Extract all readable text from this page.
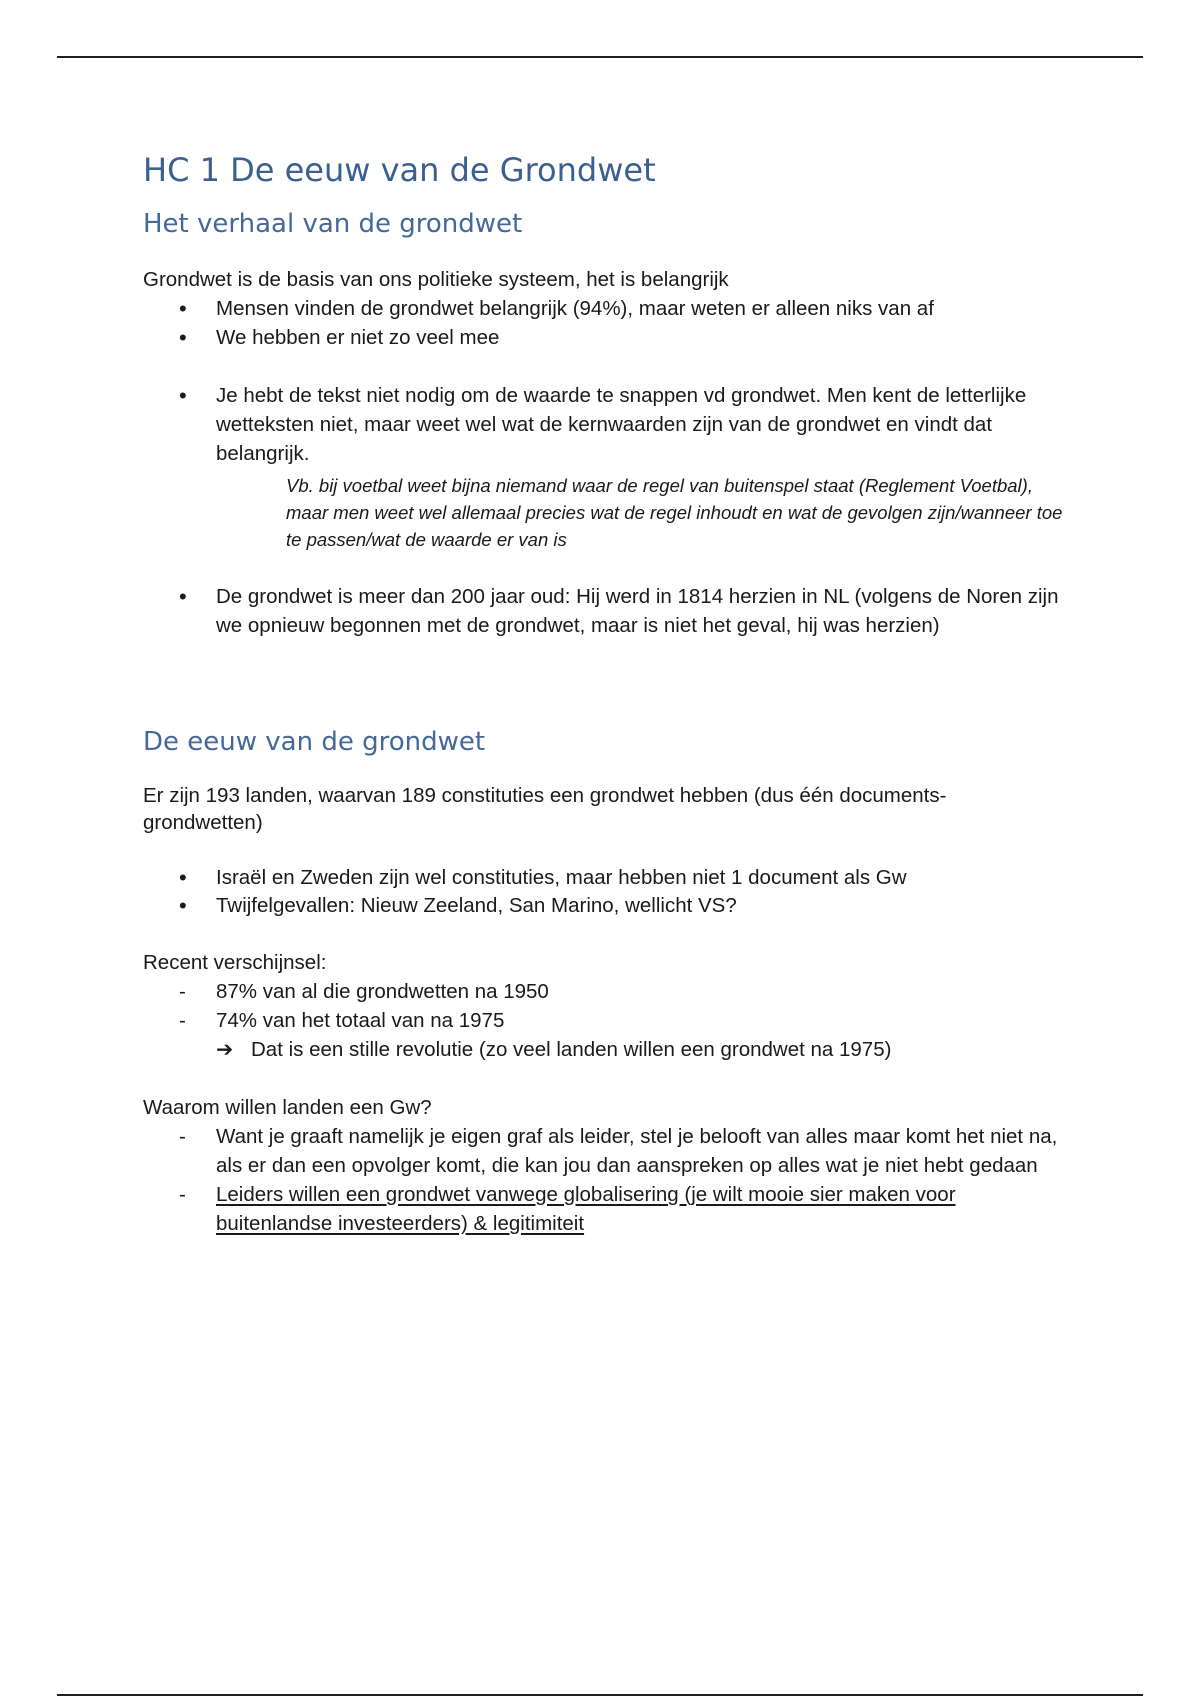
HC 1 De eeuw van de Grondwet
Het verhaal van de grondwet

Grondwet is de basis van ons politieke systeem, het is belangrijk

•
Mensen vinden de grondwet belangrijk (94%), maar weten er alleen niks van af
•
We hebben er niet zo veel mee
•
Je hebt de tekst niet nodig om de waarde te snappen vd grondwet. Men kent de letterlijke wetteksten niet, maar weet wel wat de kernwaarden zijn van de grondwet en vindt dat belangrijk.

Vb. bij voetbal weet bijna niemand waar de regel van buitenspel staat (Reglement Voetbal), maar men weet wel allemaal precies wat de regel inhoudt en wat de gevolgen zijn/wanneer toe te passen/wat de waarde er van is

•
De grondwet is meer dan 200 jaar oud: Hij werd in 1814 herzien in NL (volgens de Noren zijn we opnieuw begonnen met de grondwet, maar is niet het geval, hij was herzien)
De eeuw van de grondwet

Er zijn 193 landen, waarvan 189 constituties een grondwet hebben (dus één documents-grondwetten)

•
Israël en Zweden zijn wel constituties, maar hebben niet 1 document als Gw
•
Twijfelgevallen: Nieuw Zeeland, San Marino, wellicht VS?

Recent verschijnsel:

-
87% van al die grondwetten na 1950
-
74% van het totaal van na 1975
➔ Dat is een stille revolutie (zo veel landen willen een grondwet na 1975)

Waarom willen landen een Gw?

-
Want je graaft namelijk je eigen graf als leider, stel je belooft van alles maar komt het niet na, als er dan een opvolger komt, die kan jou dan aanspreken op alles wat je niet hebt gedaan
-
Leiders willen een grondwet vanwege globalisering (je wilt mooie sier maken voor buitenlandse investeerders) & legitimiteit
